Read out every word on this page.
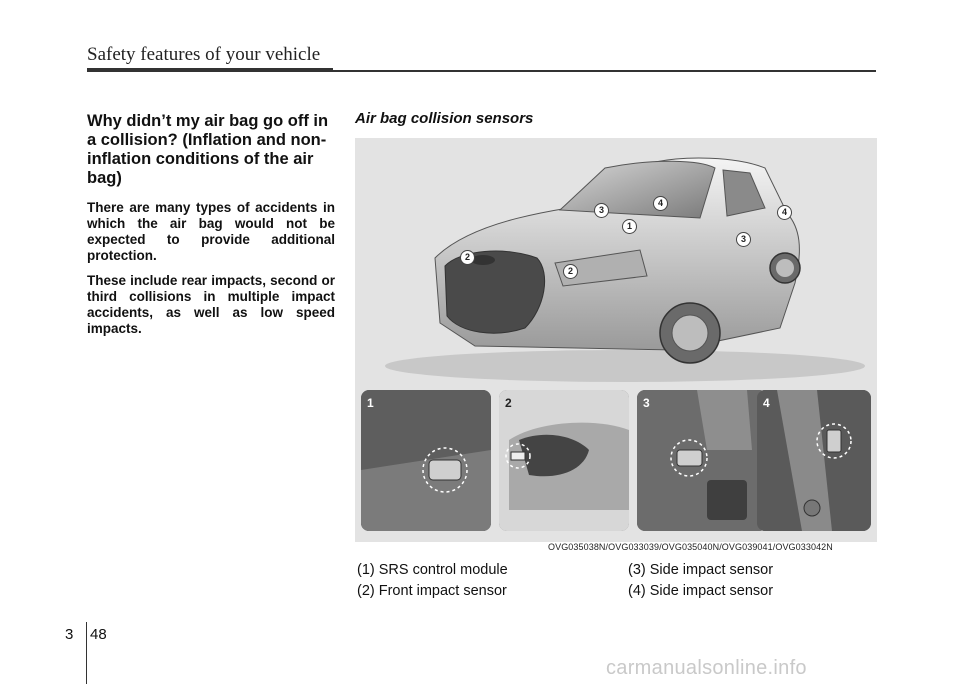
Safety features of your vehicle

Why didn’t my air bag go off in a collision? (Inflation and non-inflation conditions of the air bag)

There are many types of accidents in which the air bag would not be expected to provide additional protection.

These include rear impacts, second or third collisions in multiple impact accidents, as well as low speed impacts.

Air bag collision sensors
2
2
3
4
1
3
4
1	2	3	4
OVG035038N/OVG033039/OVG035040N/OVG039041/OVG033042N
(1) SRS control module	(3) Side impact sensor
(2) Front impact sensor	(4) Side impact sensor
3 48
carmanualsonline.info
